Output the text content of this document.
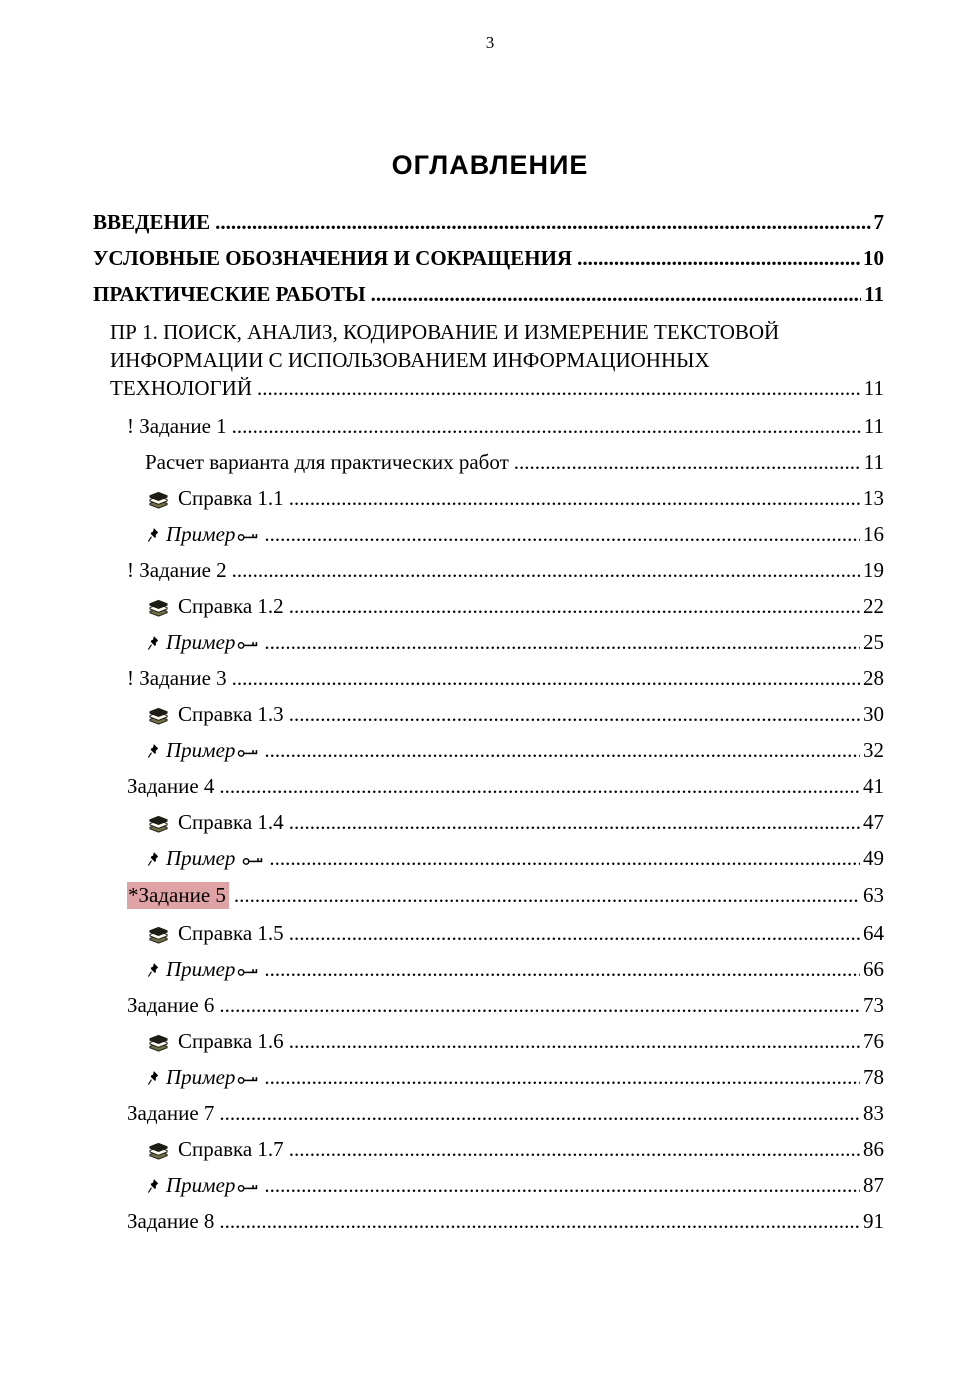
3
ОГЛАВЛЕНИЕ
ВВЕДЕНИЕ .....	7
УСЛОВНЫЕ ОБОЗНАЧЕНИЯ И СОКРАЩЕНИЯ .....	10
ПРАКТИЧЕСКИЕ РАБОТЫ .....	11
ПР 1. ПОИСК, АНАЛИЗ, КОДИРОВАНИЕ И ИЗМЕРЕНИЕ ТЕКСТОВОЙ
ИНФОРМАЦИИ С ИСПОЛЬЗОВАНИЕМ ИНФОРМАЦИОННЫХ
ТЕХНОЛОГИЙ .....	11
! Задание 1 .....	11
Расчет варианта для практических работ .....	11
Справка 1.1 .....	13
Пример .....	16
! Задание 2 .....	19
Справка 1.2 .....	22
Пример .....	25
! Задание 3 .....	28
Справка 1.3 .....	30
Пример .....	32
Задание 4 .....	41
Справка 1.4 .....	47
Пример .....	49
*Задание 5 .....	63
Справка 1.5 .....	64
Пример .....	66
Задание 6 .....	73
Справка 1.6 .....	76
Пример .....	78
Задание 7 .....	83
Справка 1.7 .....	86
Пример .....	87
Задание 8 .....	91
